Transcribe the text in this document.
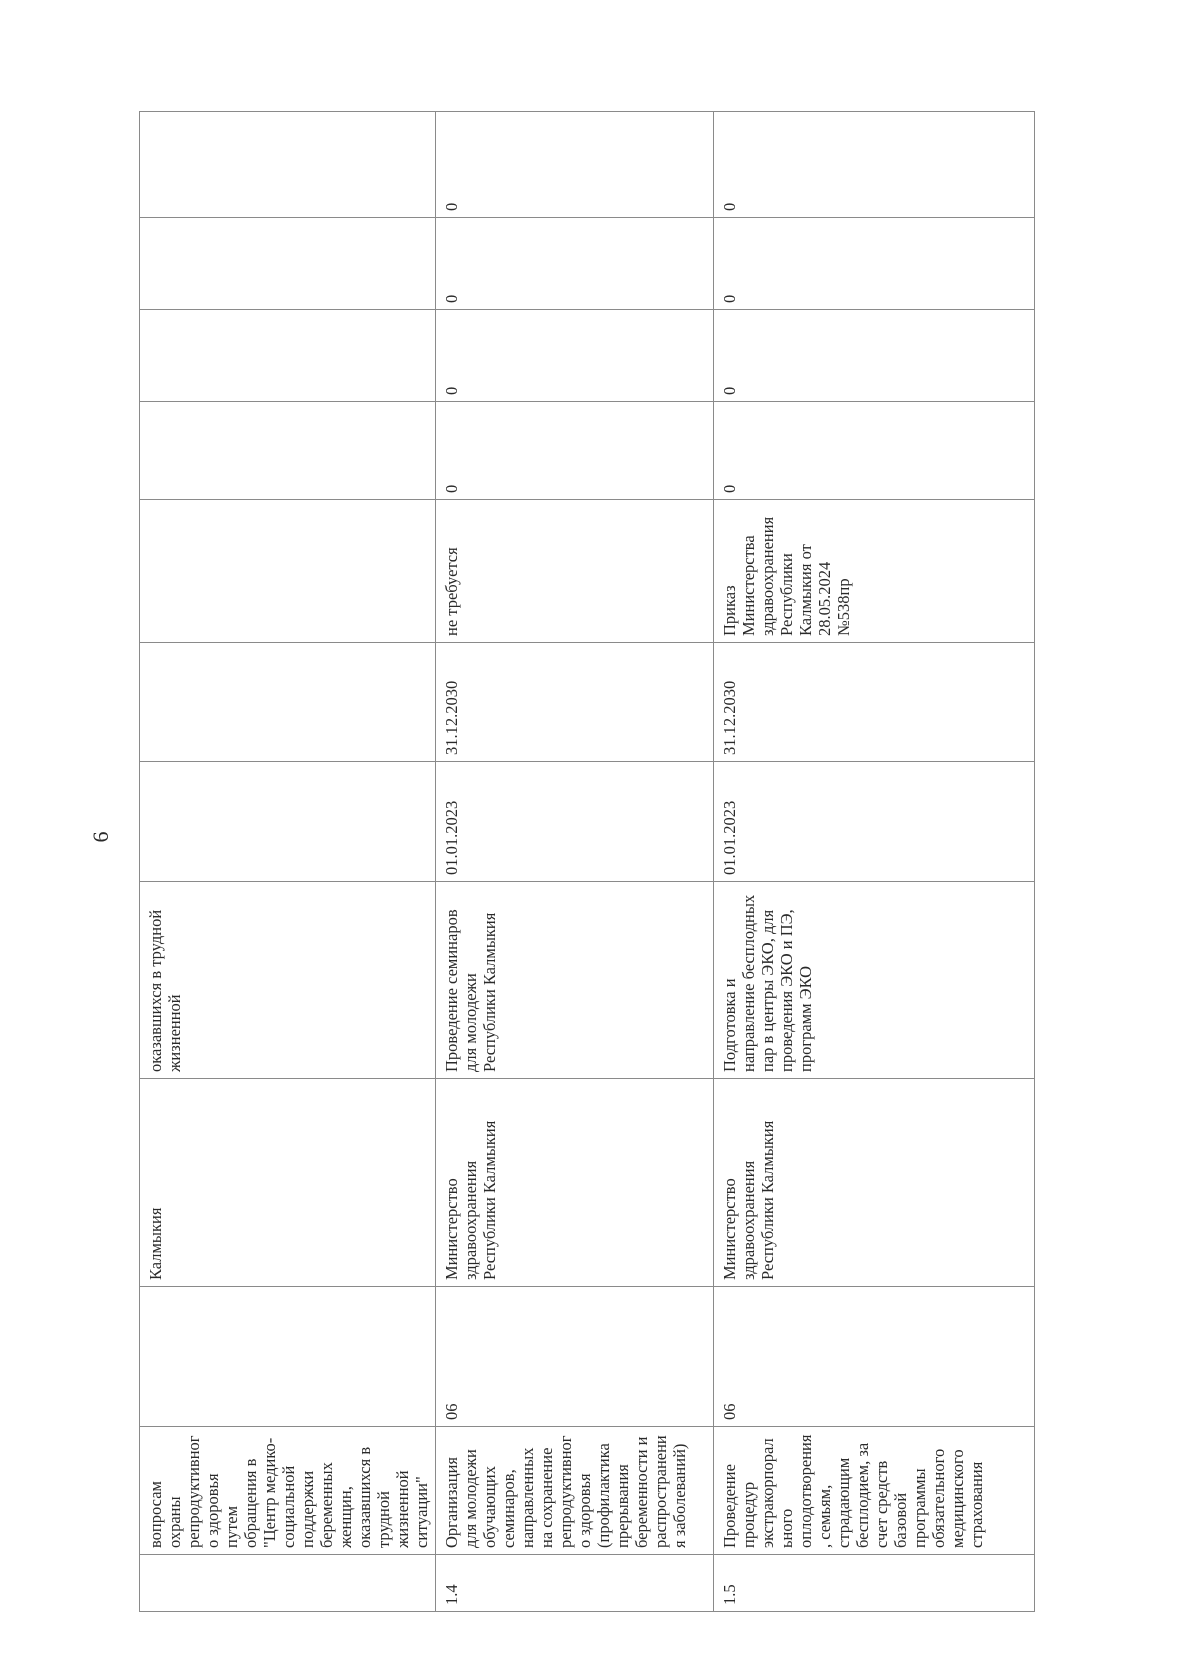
6
	вопросам охраны репродуктивного здоровья путем обращения в "Центр медико-социальной поддержки беременных женщин, оказавшихся в трудной жизненной ситуации"		Калмыкия	оказавшихся в трудной жизненной							
1.4	Организация для молодежи обучающих семинаров, направленных на сохранение репродуктивного здоровья (профилактика прерывания беременности и распространения заболеваний)	06	Министерство здравоохранения Республики Калмыкия	Проведение семинаров для молодежи Республики Калмыкия	01.01.2023	31.12.2030	не требуется	0	0	0	0
1.5	Проведение процедур экстракорпорального оплодотворения, семьям, страдающим бесплодием, за счет средств базовой программы обязательного медицинского страхования	06	Министерство здравоохранения Республики Калмыкия	Подготовка и направление бесплодных пар в центры ЭКО, для проведения ЭКО и ПЭ, программ ЭКО	01.01.2023	31.12.2030	Приказ Министерства здравоохранения Республики Калмыкия от 28.05.2024 №538пр	0	0	0	0
